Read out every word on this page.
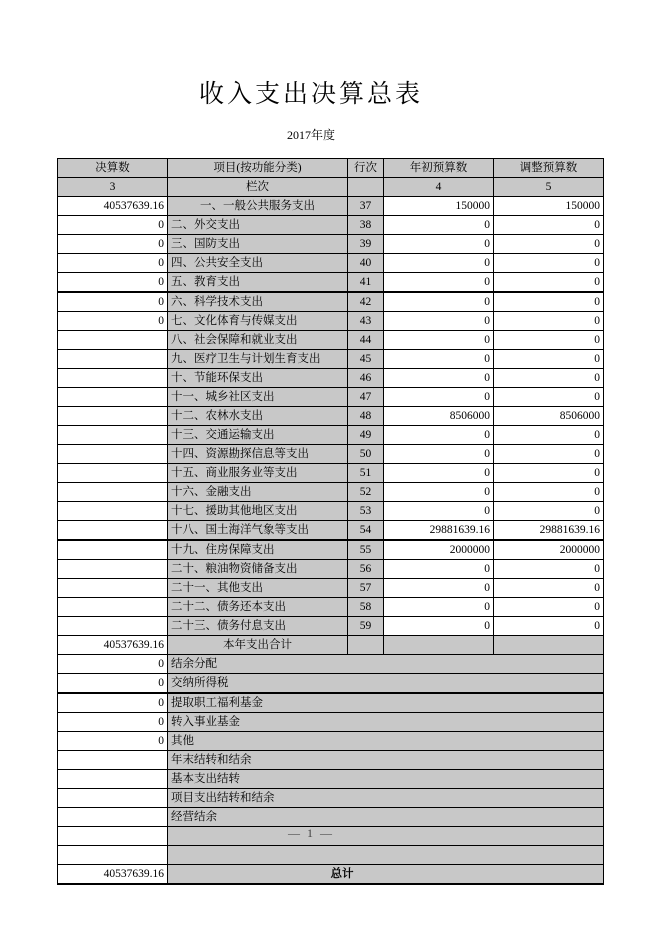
收入支出决算总表
2017年度
决算数	项目(按功能分类)	行次	年初预算数	调整预算数
3	栏次		4	5
40537639.16	一、一般公共服务支出	37	150000	150000
0	二、外交支出	38	0	0
0	三、国防支出	39	0	0
0	四、公共安全支出	40	0	0
0	五、教育支出	41	0	0
0	六、科学技术支出	42	0	0
0	七、文化体育与传媒支出	43	0	0
	八、社会保障和就业支出	44	0	0
	九、医疗卫生与计划生育支出	45	0	0
	十、节能环保支出	46	0	0
	十一、城乡社区支出	47	0	0
	十二、农林水支出	48	8506000	8506000
	十三、交通运输支出	49	0	0
	十四、资源勘探信息等支出	50	0	0
	十五、商业服务业等支出	51	0	0
	十六、金融支出	52	0	0
	十七、援助其他地区支出	53	0	0
	十八、国土海洋气象等支出	54	29881639.16	29881639.16
	十九、住房保障支出	55	2000000	2000000
	二十、粮油物资储备支出	56	0	0
	二十一、其他支出	57	0	0
	二十二、债务还本支出	58	0	0
	二十三、债务付息支出	59	0	0
40537639.16	本年支出合计			
0	结余分配			
0	交纳所得税			
0	提取职工福利基金			
0	转入事业基金			
0	其他			
	年末结转和结余			
	基本支出结转			
	项目支出结转和结余			
	经营结余			

40537639.16	总计			
— 1 —
